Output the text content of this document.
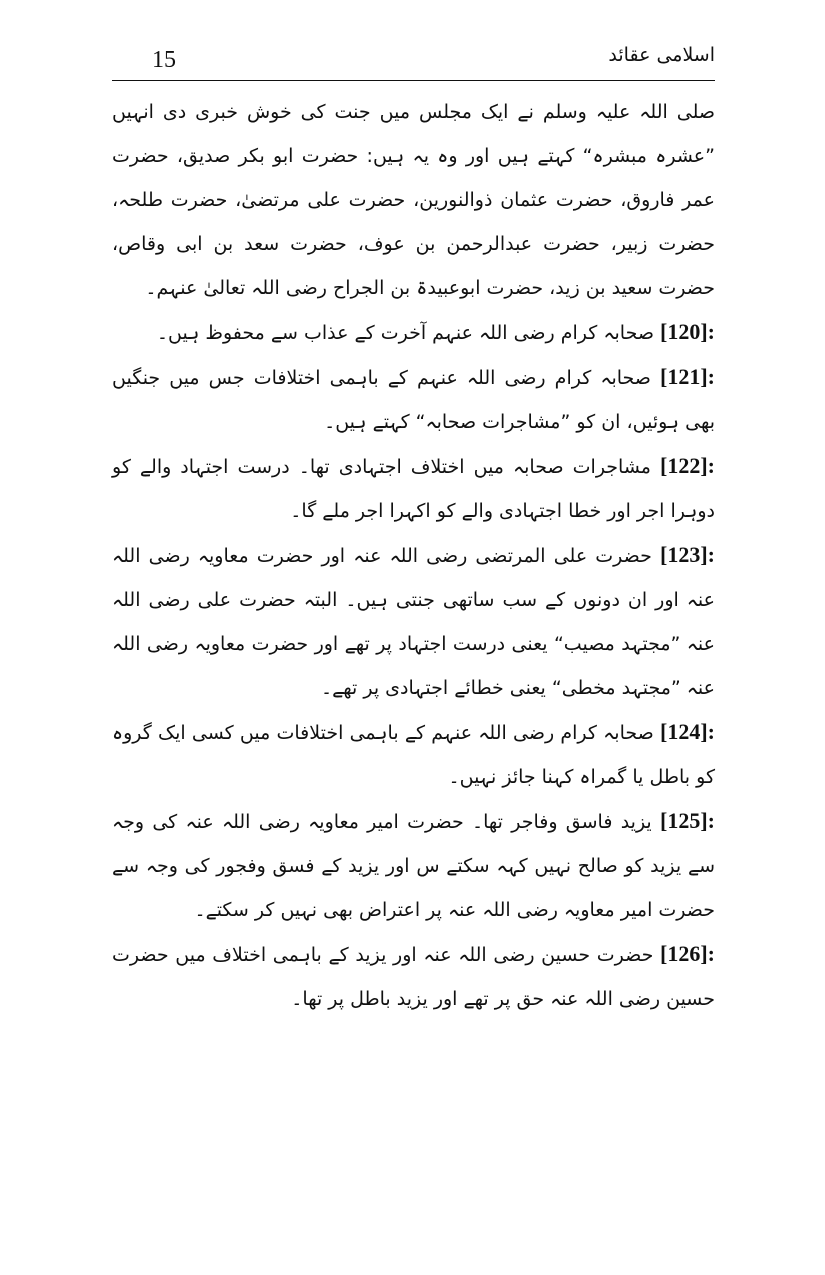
15	اسلامی عقائد

صلی اللہ علیہ وسلم نے ایک مجلس میں جنت کی خوش خبری دی انہیں ”عشرہ مبشرہ“ کہتے ہیں اور وہ یہ ہیں: حضرت ابو بکر صدیق، حضرت عمر فاروق، حضرت عثمان ذوالنورین، حضرت علی مرتضیٰ، حضرت طلحہ، حضرت زبیر، حضرت عبدالرحمن بن عوف، حضرت سعد بن ابی وقاص، حضرت سعید بن زید، حضرت ابوعبیدۃ بن الجراح رضی اللہ تعالیٰ عنہم۔

[120]: صحابہ کرام رضی اللہ عنہم آخرت کے عذاب سے محفوظ ہیں۔

[121]: صحابہ کرام رضی اللہ عنہم کے باہمی اختلافات جس میں جنگیں بھی ہوئیں، ان کو ”مشاجرات صحابہ“ کہتے ہیں۔

[122]: مشاجرات صحابہ میں اختلاف اجتہادی تھا۔ درست اجتہاد والے کو دوہرا اجر اور خطا اجتہادی والے کو اکہرا اجر ملے گا۔

[123]: حضرت علی المرتضی رضی اللہ عنہ اور حضرت معاویہ رضی اللہ عنہ اور ان دونوں کے سب ساتھی جنتی ہیں۔ البتہ حضرت علی رضی اللہ عنہ ”مجتہد مصیب“ یعنی درست اجتہاد پر تھے اور حضرت معاویہ رضی اللہ عنہ ”مجتہد مخطی“ یعنی خطائے اجتہادی پر تھے۔

[124]: صحابہ کرام رضی اللہ عنہم کے باہمی اختلافات میں کسی ایک گروہ کو باطل یا گمراہ کہنا جائز نہیں۔

[125]: یزید فاسق وفاجر تھا۔ حضرت امیر معاویہ رضی اللہ عنہ کی وجہ سے یزید کو صالح نہیں کہہ سکتے س اور یزید کے فسق وفجور کی وجہ سے حضرت امیر معاویہ رضی اللہ عنہ پر اعتراض بھی نہیں کر سکتے۔

[126]: حضرت حسین رضی اللہ عنہ اور یزید کے باہمی اختلاف میں حضرت حسین رضی اللہ عنہ حق پر تھے اور یزید باطل پر تھا۔
